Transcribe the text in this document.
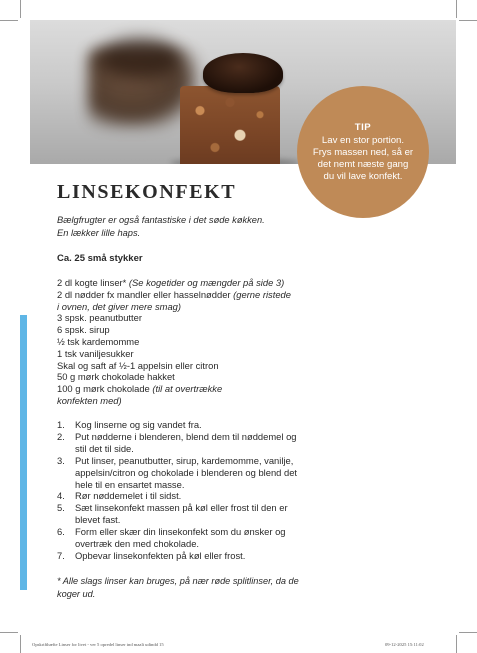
TIP
Lav en stor portion.
Frys massen ned, så er
det nemt næste gang
du vil lave konfekt.
LINSEKONFEKT
Bælgfrugter er også fantastiske i det søde køkken.
En lækker lille haps.
Ca. 25 små stykker
2 dl kogte linser* (Se kogetider og mængder på side 3)
2 dl nødder fx mandler eller hasselnødder (gerne ristede
i ovnen, det giver mere smag)
3 spsk. peanutbutter
6 spsk. sirup
½ tsk kardemomme
1 tsk vaniljesukker
Skal og saft af ½-1 appelsin eller citron
50 g mørk chokolade hakket
100 g mørk chokolade (til at overtrække
konfekten med)
1. Kog linserne og sig vandet fra.
2. Put nødderne i blenderen, blend dem til nøddemel og
stil det til side.
3. Put linser, peanutbutter, sirup, kardemomme, vanilje,
appelsin/citron og chokolade i blenderen og blend det
hele til en ensartet masse.
4. Rør nøddemelet i til sidst.
5. Sæt linsekonfekt massen på køl eller frost til den er
blevet fast.
6. Form eller skær din linsekonfekt som du ønsker og
overtræk den med chokolade.
7. Opbevar linsekonfekten på køl eller frost.
* Alle slags linser kan bruges, på nær røde splitlinser, da de
koger ud.
Opskrifthæfte Linser for livet - ver 5 opredel linser ind maali udindd 15	09-12-2025 15:11:02
